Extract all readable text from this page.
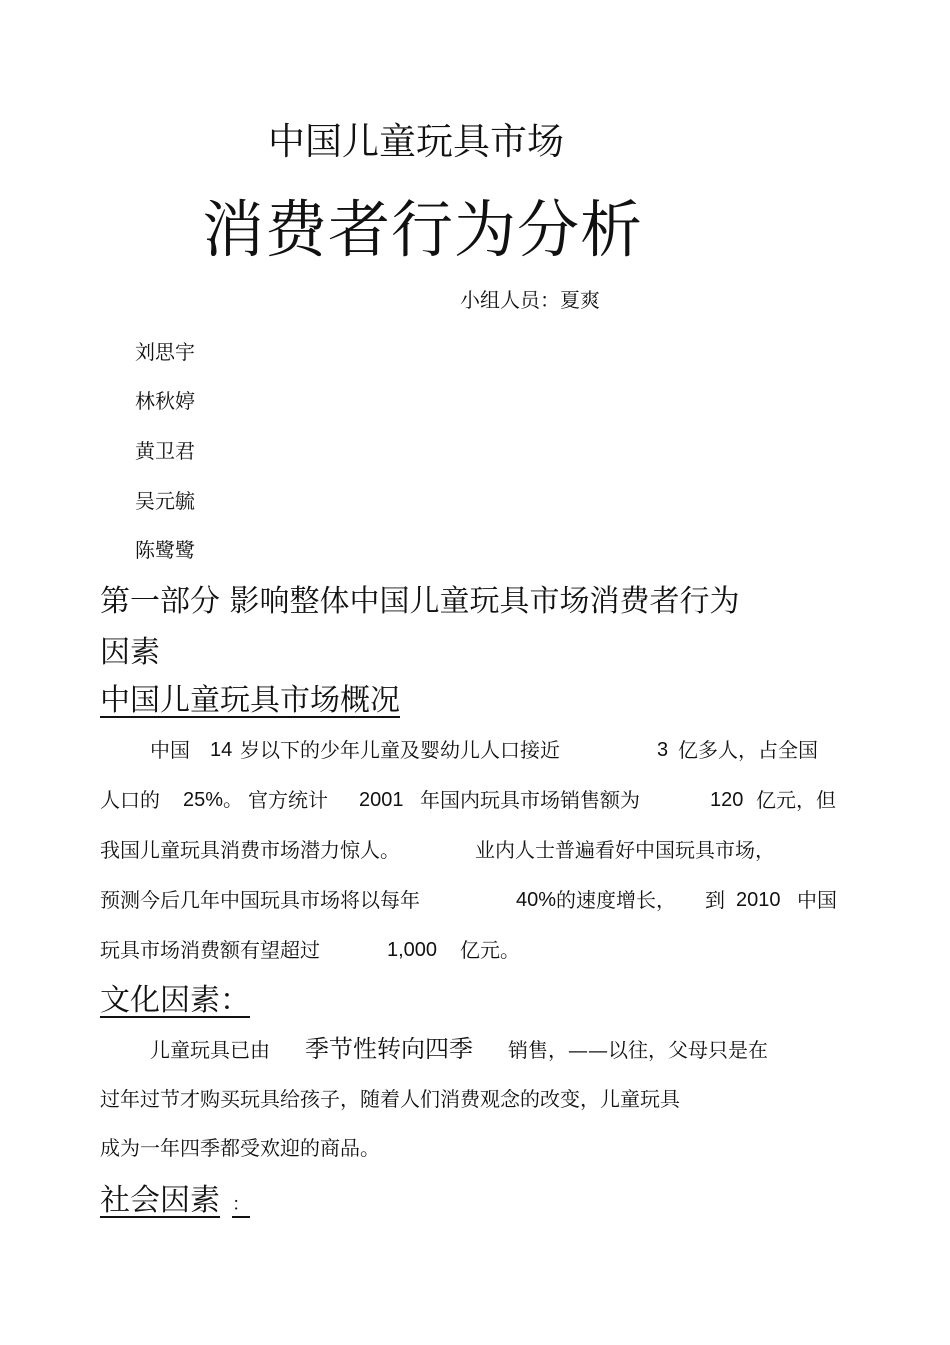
中国儿童玩具市场
消费者行为分析
小组人员：夏爽
刘思宇
林秋婷
黄卫君
吴元毓
陈鹭鹭
第一部分 影响整体中国儿童玩具市场消费者行为
因素
中国儿童玩具市场概况
中国 14 岁以下的少年儿童及婴幼儿人口接近	3 亿多人，占全国
人口的 25%。 官方统计 2001 年国内玩具市场销售额为	120 亿元，但
我国儿童玩具消费市场潜力惊人。	业内人士普遍看好中国玩具市场，
预测今后几年中国玩具市场将以每年	40% 的速度增长， 到 2010 中国
玩具市场消费额有望超过	1,000 亿元。
文化因素：
儿童玩具已由 季节性转向四季 销售，——以往，父母只是在
过年过节才购买玩具给孩子，随着人们消费观念的改变，儿童玩具
成为一年四季都受欢迎的商品。
社会因素 ：
